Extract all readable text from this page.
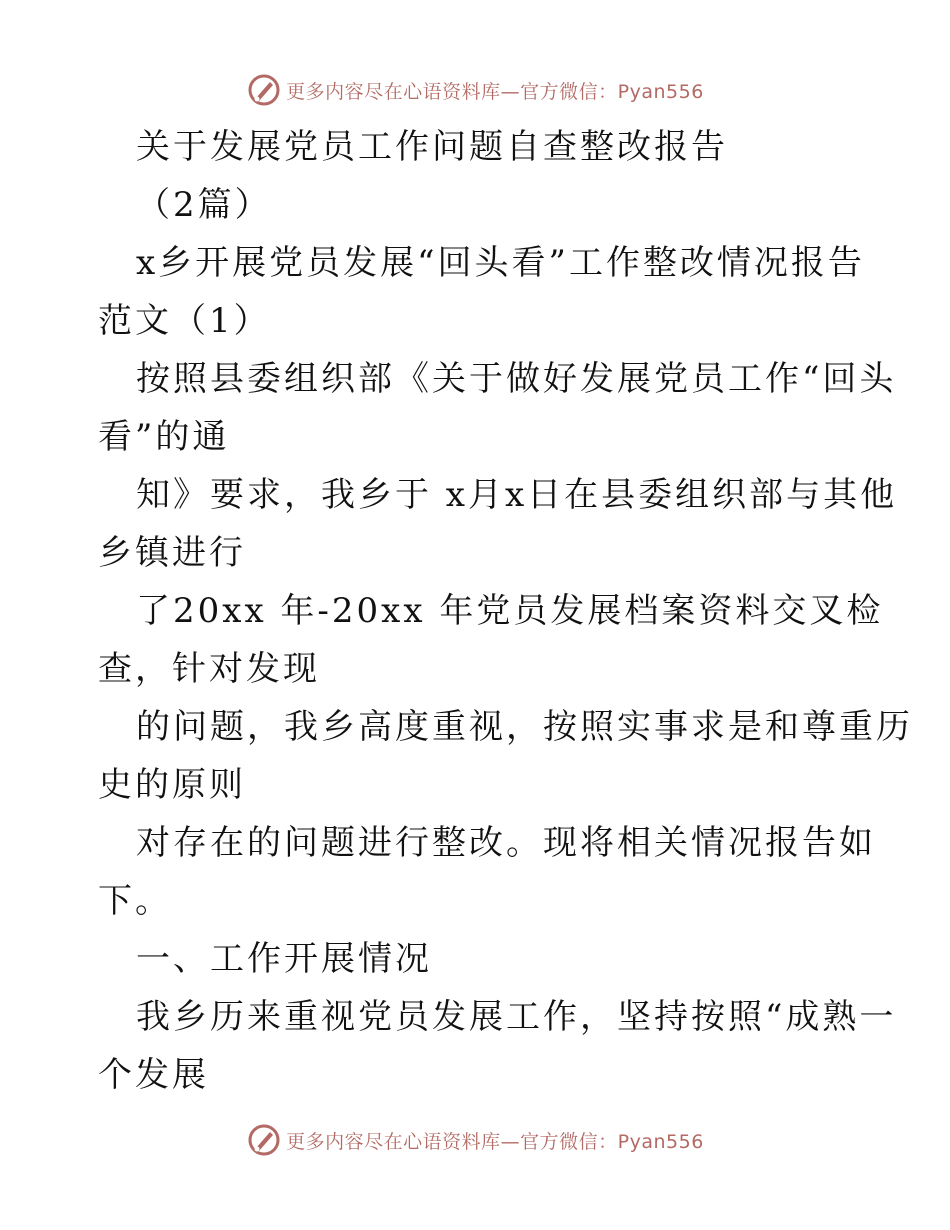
更多内容尽在心语资料库—官方微信：Pyan556
关于发展党员工作问题自查整改报告
（2篇）
x乡开展党员发展“回头看”工作整改情况报告
范文（1）
按照县委组织部《关于做好发展党员工作“回头
看”的通
知》要求，我乡于 x月x日在县委组织部与其他
乡镇进行
了20xx 年-20xx 年党员发展档案资料交叉检
查，针对发现
的问题，我乡高度重视，按照实事求是和尊重历
史的原则
对存在的问题进行整改。现将相关情况报告如
下。
一、工作开展情况
我乡历来重视党员发展工作，坚持按照“成熟一
个发展
更多内容尽在心语资料库—官方微信：Pyan556
